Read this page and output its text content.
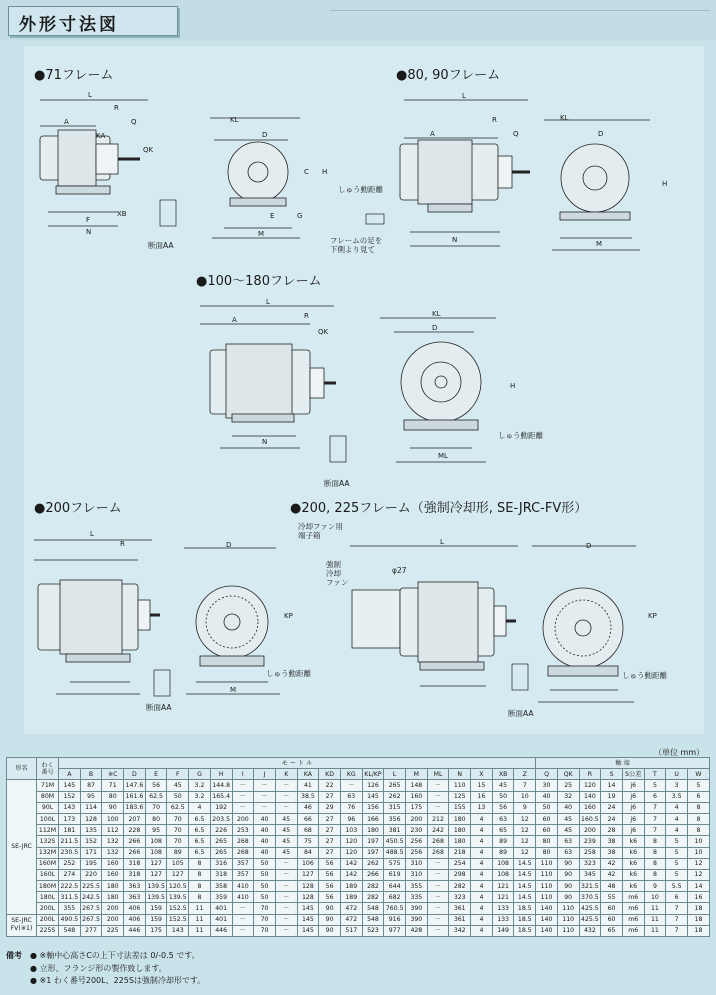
外形寸法図
●71フレーム	●80, 90フレーム
●100～180フレーム
●200フレーム	●200, 225フレーム（強制冷却形, SE-JRC-FV形）
L
A
R
Q
KA
QK
KL
D
C H
G
F
N
XB
M
E
L
A
R
Q
KL
D
H
M
N
L
A	R
QK
KL
D
H
ML
N
L
R	D
KP
M
L	D
KP
断面AA
断面AA
断面AA
断面AA
しゅう動距離
しゅう動距離
しゅう動距離	しゅう動距離
フレームの足を
下側より見て
冷却ファン用
端子箱
強制
冷却
ファン
φ27
（単位 mm）
形名	わく
番号	モ ー ト ル																						軸 端							
		A	B	※C	D	E	F	G	H	I	J	K	KA	KD	KG	KL/KP	L	M	ML	N	X	XB	Z	Q	QK	R	S	S公差	T	U	W
SE-JRC	71M	145	87	71	147.6	56	45	3.2	144.8	－	－	－	41	22	－	126	265	148	－	110	15	45	7	30	25	120	14	j6	5	3	5
	80M	152	95	80	161.6	62.5	50	3.2	165.4	－	－	－	38.5	27	63	145	262	160	－	125	16	50	10	40	32	140	19	j6	6	3.5	6
	90L	143	114	90	183.6	70	62.5	4	192	－	－	－	46	29	76	156	315	175	－	155	13	56	9	50	40	160	24	j6	7	4	8
	100L	173	128	100	207	80	70	6.5	203.5	200	40	45	66	27	96	166	356	200	212	180	4	63	12	60	45	160.5	24	j6	7	4	8
	112M	181	135	112	228	95	70	6.5	226	253	40	45	68	27	103	180	381	230	242	180	4	65	12	60	45	200	28	j6	7	4	8
	132S	211.5	152	132	266	108	70	6.5	265	268	40	45	75	27	120	197	450.5	256	268	180	4	89	12	80	63	239	38	k6	8	5	10
	132M	230.5	171	132	266	108	89	6.5	265	268	40	45	84	27	120	197	488.5	256	268	218	4	89	12	80	63	258	38	k6	8	5	10
	160M	252	195	160	318	127	105	8	316	357	50	－	106	56	142	262	575	310	－	254	4	108	14.5	110	90	323	42	k6	8	5	12
	160L	274	220	160	318	127	127	8	318	357	50	－	127	56	142	266	619	310	－	298	4	108	14.5	110	90	345	42	k6	8	5	12
	180M	222.5	225.5	180	363	139.5	120.5	8	358	410	50	－	128	56	189	282	644	355	－	282	4	121	14.5	110	90	321.5	48	k6	9	5.5	14
	180L	311.5	242.5	180	363	139.5	139.5	8	359	410	50	－	128	56	189	282	682	335	－	323	4	121	14.5	110	90	370.5	55	m6	10	6	16
	200L	355	267.5	200	406	159	152.5	11	401	－	70	－	145	90	472	548	760.5	390	－	361	4	133	18.5	140	110	425.5	60	m6	11	7	18
SE-JRC
FV(※1)	200L	490.5	267.5	200	406	159	152.5	11	401	－	70	－	145	90	472	548	916	390	－	361	4	133	18.5	140	110	425.5	60	m6	11	7	18
	225S	548	277	225	446	175	143	11	446	－	70	－	145	90	517	523	977	428	－	342	4	149	18.5	140	110	432	65	m6	11	7	18
備考 ● ※軸中心高さCの上下寸法差は 0/-0.5 です。
● 立形、フランジ形の製作致します。
● ※1 わく番号200L、225Sは強制冷却形です。
